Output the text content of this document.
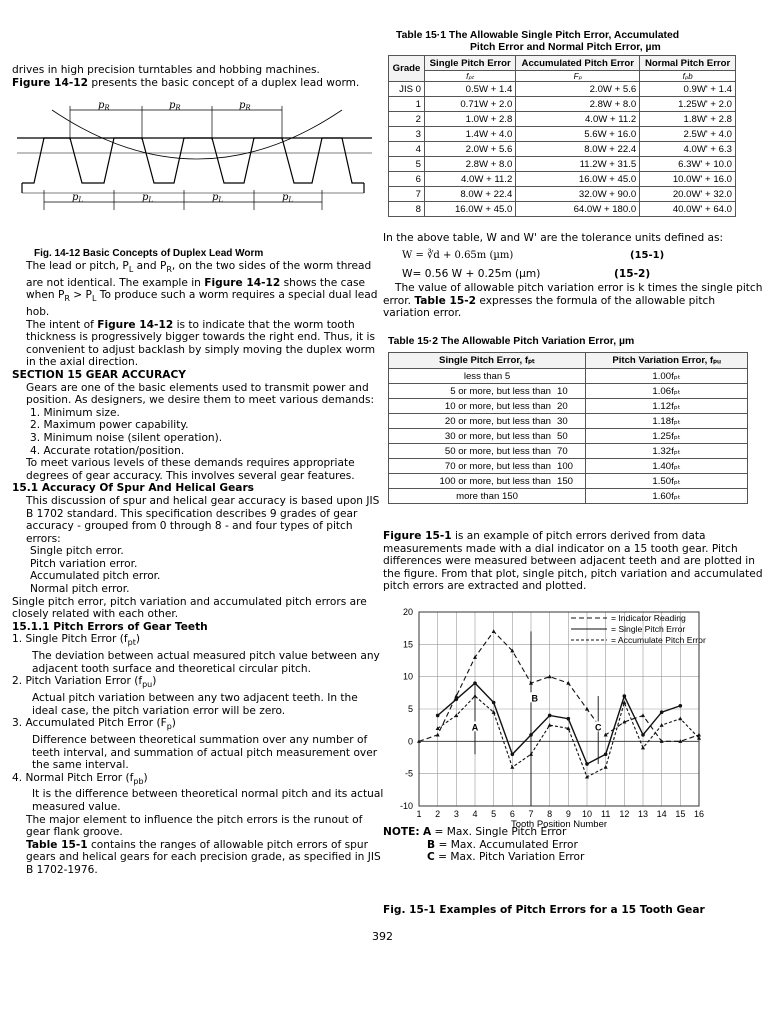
drives in high precision turntables and hobbing machines.
Figure 14-12 presents the basic concept of a duplex lead worm.
$p_R$	$p_R$	$p_R$
$p_L$	$p_L$	$p_L$	$p_L$
Fig. 14-12 Basic Concepts of Duplex Lead Worm
The lead or pitch, $P_L$ and $P_R$, on the two sides of the worm thread are not identical. The example in Figure 14-12 shows the case when $P_R > P_L$ To produce such a worm requires a special dual lead hob.
The intent of Figure 14-12 is to indicate that the worm tooth thickness is progressively bigger towards the right end. Thus, it is convenient to adjust backlash by simply moving the duplex worm in the axial direction.
SECTION 15 GEAR ACCURACY
Gears are one of the basic elements used to transmit power and position. As designers, we desire them to meet various demands:
1. Minimum size.
2. Maximum power capability.
3. Minimum noise (silent operation).
4. Accurate rotation/position.
To meet various levels of these demands requires appropriate degrees of gear accuracy. This involves several gear features.
15.1 Accuracy Of Spur And Helical Gears
This discussion of spur and helical gear accuracy is based upon JIS B 1702 standard. This specification describes 9 grades of gear accuracy - grouped from 0 through 8 - and four types of pitch errors:
Single pitch error.
Pitch variation error.
Accumulated pitch error.
Normal pitch error.
Single pitch error, pitch variation and accumulated pitch errors are closely related with each other.
15.1.1 Pitch Errors of Gear Teeth
1. Single Pitch Error $(f_{pt})$
The deviation between actual measured pitch value between any adjacent tooth surface and theoretical circular pitch.
2. Pitch Variation Error $(f_{pu})$
Actual pitch variation between any two adjacent teeth. In the ideal case, the pitch variation error will be zero.
3. Accumulated Pitch Error $(F_p)$
Difference between theoretical summation over any number of teeth interval, and summation of actual pitch measurement over the same interval.
4. Normal Pitch Error $(f_{pb})$
It is the difference between theoretical normal pitch and its actual measured value.
The major element to influence the pitch errors is the runout of gear flank groove.
Table 15-1 contains the ranges of allowable pitch errors of spur gears and helical gears for each precision grade, as specified in JIS B 1702-1976.
Table 15·1 The Allowable Single Pitch Error, Accumulated
Pitch Error and Normal Pitch Error, µm
Grade	Single Pitch Error	Accumulated Pitch Error	Normal Pitch Error
	fₚₜ	Fₚ	fₚb
JIS 0	0.5W + 1.4	2.0W + 5.6	0.9W' + 1.4
1	0.71W + 2.0	2.8W + 8.0	1.25W' + 2.0
2	1.0W + 2.8	4.0W + 11.2	1.8W' + 2.8
3	1.4W + 4.0	5.6W + 16.0	2.5W' + 4.0
4	2.0W + 5.6	8.0W + 22.4	4.0W' + 6.3
5	2.8W + 8.0	11.2W + 31.5	6.3W' + 10.0
6	4.0W + 11.2	16.0W + 45.0	10.0W' + 16.0
7	8.0W + 22.4	32.0W + 90.0	20.0W' + 32.0
8	16.0W + 45.0	64.0W + 180.0	40.0W' + 64.0
In the above table, W and W' are the tolerance units defined as:
W = ∛d + 0.65m (µm)	(15-1)
W= 0.56 W + 0.25m (µm)	(15-2)
The value of allowable pitch variation error is k times the single pitch error. Table 15-2 expresses the formula of the allowable pitch variation error.
Table 15·2 The Allowable Pitch Variation Error, µm
Single Pitch Error, fₚₜ		Pitch Variation Error, fₚᵤ
less than 5		1.00fₚₜ
5 or more, but less than	10	1.06fₚₜ
10 or more, but less than	20	1.12fₚₜ
20 or more, but less than	30	1.18fₚₜ
30 or more, but less than	50	1.25fₚₜ
50 or more, but less than	70	1.32fₚₜ
70 or more, but less than	100	1.40fₚₜ
100 or more, but less than	150	1.50fₚₜ
more than 150		1.60fₚₜ
Figure 15-1 is an example of pitch errors derived from data measurements made with a dial indicator on a 15 tooth gear. Pitch differences were measured between adjacent teeth and are plotted in the figure. From that plot, single pitch, pitch variation and accumulated pitch errors are extracted and plotted.
-10
-5
0
5
10
15
20
1 2 3 4 5 6 7 8 9 10 11 12 13 14 15 16
Tooth Position Number
= Indicator Reading
= Single Pitch Error
= Accumulate Pitch Error
A
B
C
NOTE: A = Max. Single Pitch Error
B = Max. Accumulated Error
C = Max. Pitch Variation Error
Fig. 15-1 Examples of Pitch Errors for a 15 Tooth Gear
392
